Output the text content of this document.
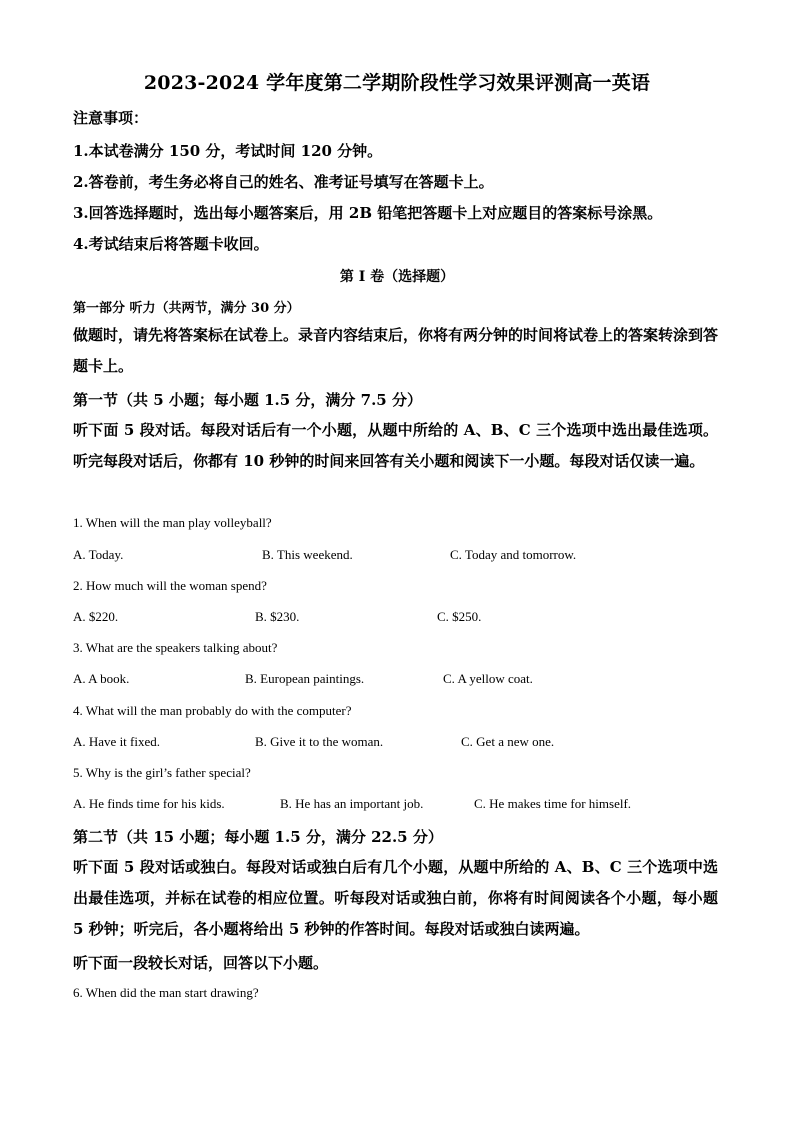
2023-2024 学年度第二学期阶段性学习效果评测高一英语
注意事项：
1.本试卷满分 150 分，考试时间 120 分钟。
2.答卷前，考生务必将自己的姓名、准考证号填写在答题卡上。
3.回答选择题时，选出每小题答案后，用 2B 铅笔把答题卡上对应题目的答案标号涂黑。
4.考试结束后将答题卡收回。
第 I 卷（选择题）
第一部分 听力（共两节，满分 30 分）
做题时，请先将答案标在试卷上。录音内容结束后，你将有两分钟的时间将试卷上的答案转涂到答题卡上。
第一节（共 5 小题；每小题 1.5 分，满分 7.5 分）
听下面 5 段对话。每段对话后有一个小题，从题中所给的 A、B、C 三个选项中选出最佳选项。听完每段对话后，你都有 10 秒钟的时间来回答有关小题和阅读下一小题。每段对话仅读一遍。
1. When will the man play volleyball?
A. Today.	B. This weekend.	C. Today and tomorrow.
2. How much will the woman spend?
A. $220.	B. $230.	C. $250.
3. What are the speakers talking about?
A. A book.	B. European paintings.	C. A yellow coat.
4. What will the man probably do with the computer?
A. Have it fixed.	B. Give it to the woman.	C. Get a new one.
5. Why is the girl’s father special?
A. He finds time for his kids.	B. He has an important job.	C. He makes time for himself.
第二节（共 15 小题；每小题 1.5 分，满分 22.5 分）
听下面 5 段对话或独白。每段对话或独白后有几个小题，从题中所给的 A、B、C 三个选项中选出最佳选项，并标在试卷的相应位置。听每段对话或独白前，你将有时间阅读各个小题，每小题 5 秒钟；听完后，各小题将给出 5 秒钟的作答时间。每段对话或独白读两遍。
听下面一段较长对话，回答以下小题。
6. When did the man start drawing?
